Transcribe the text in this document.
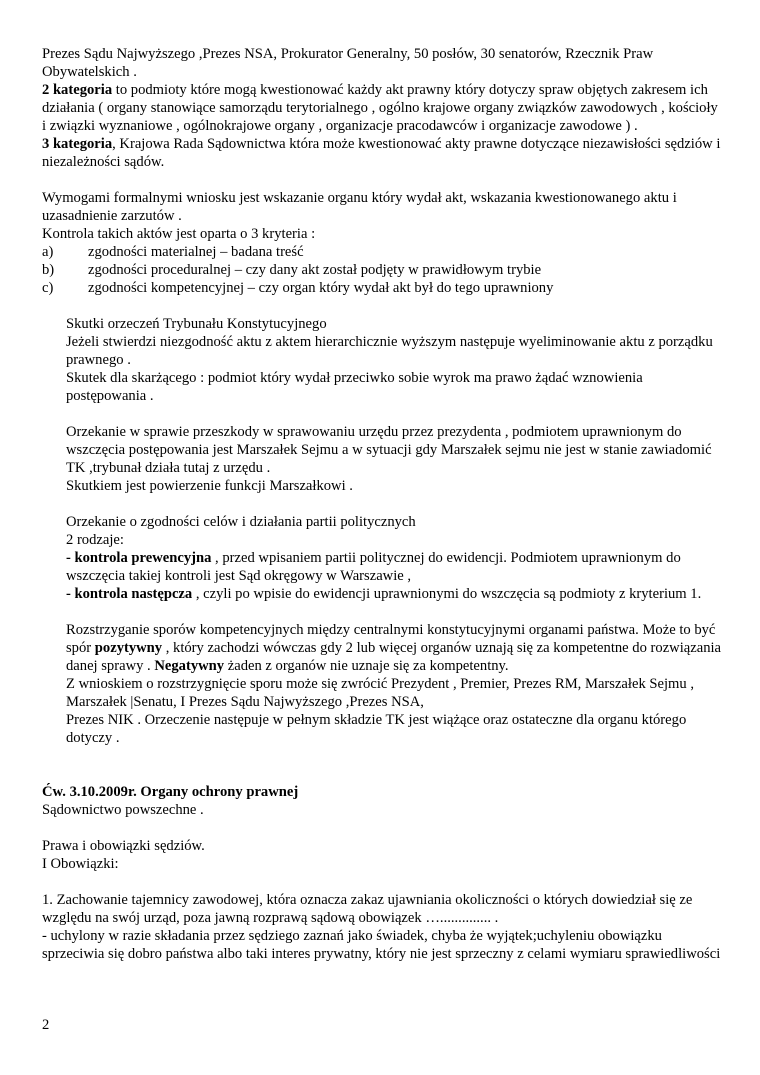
Prezes Sądu Najwyższego ,Prezes NSA, Prokurator Generalny, 50 posłów, 30 senatorów, Rzecznik Praw Obywatelskich .

2 kategoria to podmioty które mogą kwestionować każdy akt prawny który dotyczy spraw objętych zakresem ich działania ( organy stanowiące samorządu terytorialnego , ogólno krajowe organy związków zawodowych , kościoły i związki wyznaniowe , ogólnokrajowe organy , organizacje pracodawców i organizacje zawodowe ) .

3 kategoria, Krajowa Rada Sądownictwa która może kwestionować akty prawne dotyczące niezawisłości sędziów i niezależności sądów.

Wymogami formalnymi wniosku jest wskazanie organu który wydał akt, wskazania kwestionowanego aktu i uzasadnienie zarzutów .

Kontrola takich aktów jest oparta o 3 kryteria :

a)	zgodności materialnej – badana treść
b)	zgodności proceduralnej – czy dany akt został podjęty w prawidłowym trybie
c)	zgodności kompetencyjnej – czy organ który wydał akt był do tego uprawniony

Skutki orzeczeń Trybunału Konstytucyjnego

Jeżeli stwierdzi niezgodność aktu z aktem hierarchicznie wyższym następuje wyeliminowanie aktu z porządku prawnego .

Skutek dla skarżącego : podmiot który wydał przeciwko sobie wyrok ma prawo żądać wznowienia postępowania .

Orzekanie w sprawie przeszkody w sprawowaniu urzędu przez prezydenta , podmiotem uprawnionym do wszczęcia postępowania jest Marszałek Sejmu a w sytuacji gdy Marszałek sejmu nie jest w stanie zawiadomić TK ,trybunał działa tutaj z urzędu .

Skutkiem jest powierzenie funkcji Marszałkowi .

Orzekanie o zgodności celów i działania partii politycznych

2 rodzaje:

- kontrola prewencyjna , przed wpisaniem partii politycznej do ewidencji. Podmiotem uprawnionym do wszczęcia takiej kontroli jest Sąd okręgowy w Warszawie ,

- kontrola następcza , czyli po wpisie do ewidencji uprawnionymi do wszczęcia są podmioty z kryterium 1.

Rozstrzyganie sporów kompetencyjnych między centralnymi konstytucyjnymi organami państwa. Może to być spór pozytywny , który zachodzi wówczas gdy 2 lub więcej organów uznają się za kompetentne do rozwiązania danej sprawy . Negatywny żaden z organów nie uznaje się za kompetentny.

Z wnioskiem o rozstrzygnięcie sporu może się zwrócić Prezydent , Premier, Prezes RM, Marszałek Sejmu , Marszałek |Senatu, I Prezes Sądu Najwyższego ,Prezes NSA,

Prezes NIK . Orzeczenie następuje w pełnym składzie TK jest wiążące oraz ostateczne dla organu którego dotyczy .

Ćw. 3.10.2009r. Organy ochrony prawnej

Sądownictwo powszechne .

Prawa i obowiązki sędziów.

I Obowiązki:

1. Zachowanie tajemnicy zawodowej, która oznacza zakaz ujawniania okoliczności o których dowiedział się ze względu na swój urząd, poza jawną rozprawą sądową obowiązek ….............. .

- uchylony w razie składania przez sędziego zaznań jako świadek, chyba że wyjątek;uchyleniu obowiązku sprzeciwia się dobro państwa albo taki interes prywatny, który nie jest sprzeczny z celami wymiaru sprawiedliwości

2
